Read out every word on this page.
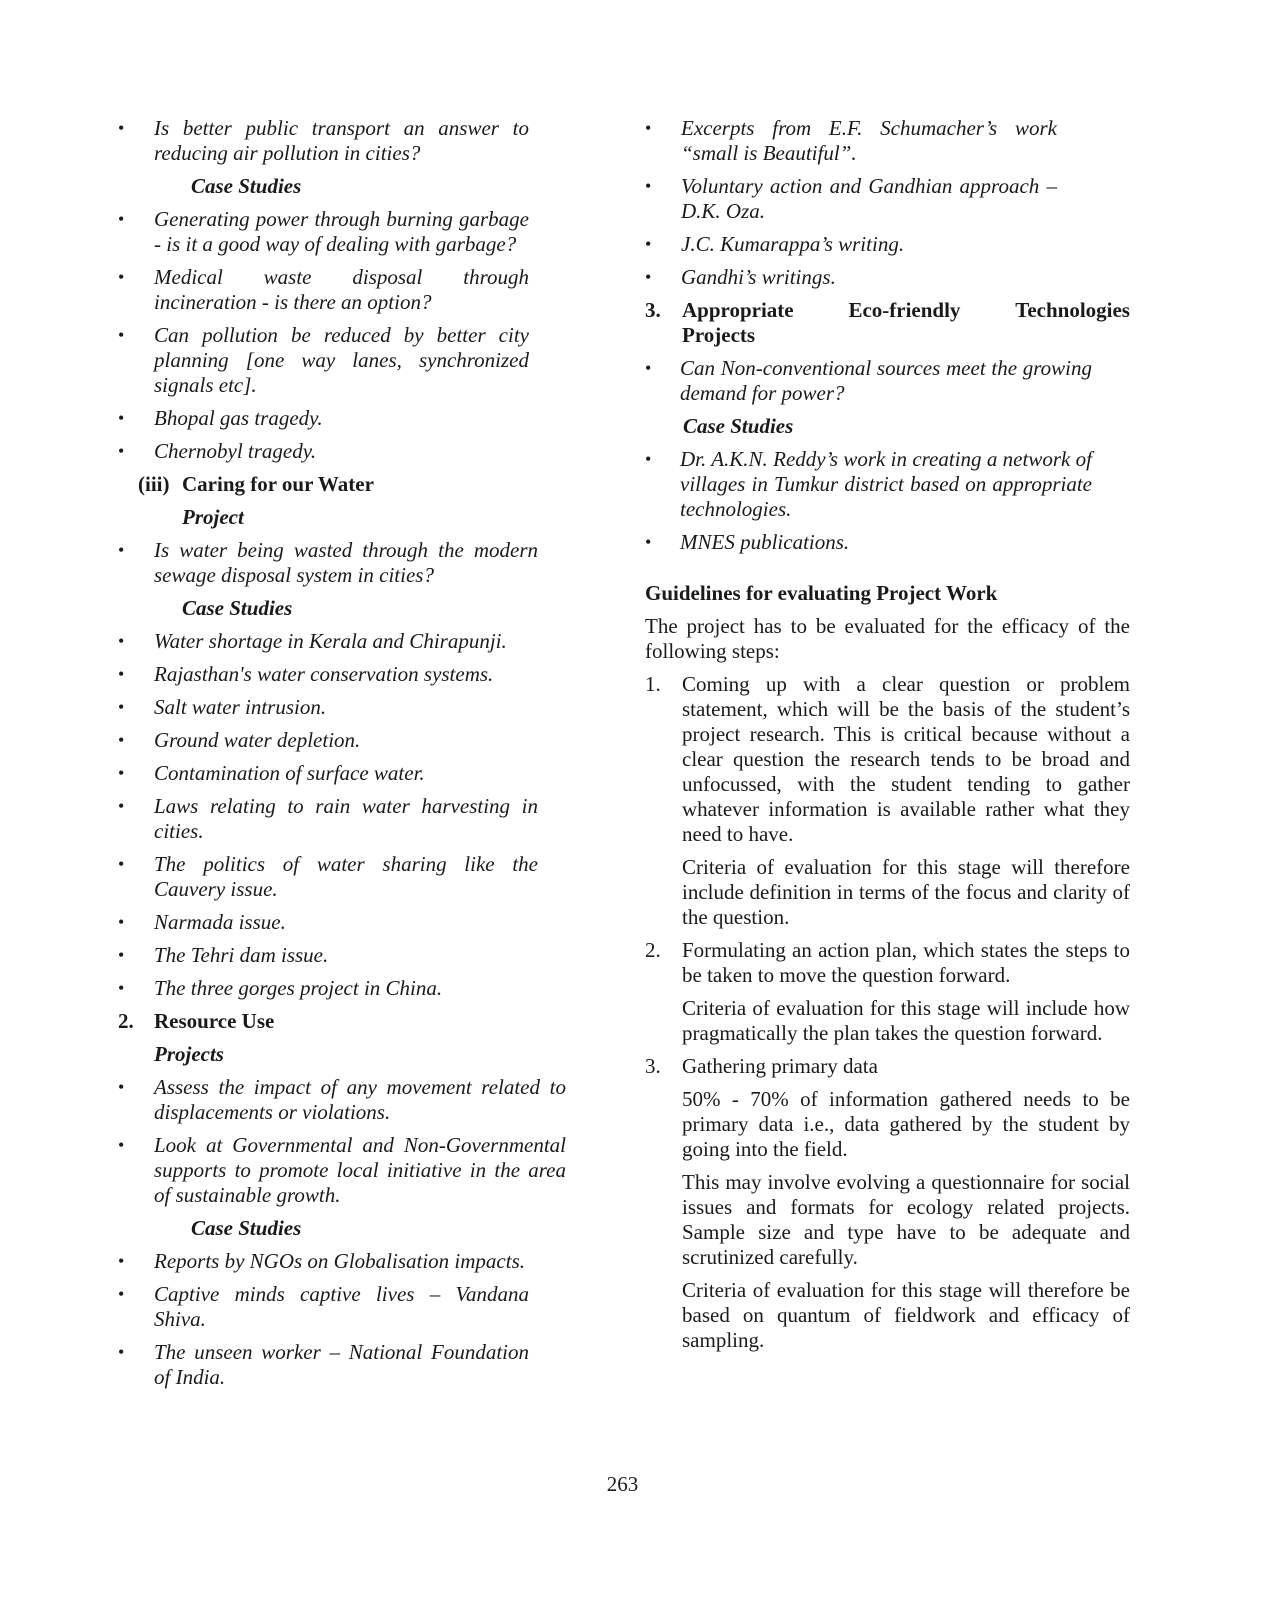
• Is better public transport an answer to reducing air pollution in cities?
Case Studies
• Generating power through burning garbage - is it a good way of dealing with garbage?
• Medical waste disposal through incineration - is there an option?
• Can pollution be reduced by better city planning [one way lanes, synchronized signals etc].
• Bhopal gas tragedy.
• Chernobyl tragedy.
(iii) Caring for our Water
Project
• Is water being wasted through the modern sewage disposal system in cities?
Case Studies
• Water shortage in Kerala and Chirapunji.
• Rajasthan's water conservation systems.
• Salt water intrusion.
• Ground water depletion.
• Contamination of surface water.
• Laws relating to rain water harvesting in cities.
• The politics of water sharing like the Cauvery issue.
• Narmada issue.
• The Tehri dam issue.
• The three gorges project in China.
2. Resource Use
Projects
• Assess the impact of any movement related to displacements or violations.
• Look at Governmental and Non-Governmental supports to promote local initiative in the area of sustainable growth.
Case Studies
• Reports by NGOs on Globalisation impacts.
• Captive minds captive lives – Vandana Shiva.
• The unseen worker – National Foundation of India.
• Excerpts from E.F. Schumacher’s work “small is Beautiful”.
• Voluntary action and Gandhian approach – D.K. Oza.
• J.C. Kumarappa’s writing.
• Gandhi’s writings.
3.	Appropriate	Eco-friendly	Technologies
Projects
• Can Non-conventional sources meet the growing demand for power?
Case Studies
• Dr. A.K.N. Reddy’s work in creating a network of villages in Tumkur district based on appropriate technologies.
• MNES publications.
Guidelines for evaluating Project Work
The project has to be evaluated for the efficacy of the following steps:
1.	Coming up with a clear question or problem statement, which will be the basis of the student’s project research. This is critical because without a clear question the research tends to be broad and unfocussed, with the student tending to gather whatever information is available rather what they need to have.
Criteria of evaluation for this stage will therefore include definition in terms of the focus and clarity of the question.
2.	Formulating an action plan, which states the steps to be taken to move the question forward.
Criteria of evaluation for this stage will include how pragmatically the plan takes the question forward.
3.	Gathering primary data
50% - 70% of information gathered needs to be primary data i.e., data gathered by the student by going into the field.
This may involve evolving a questionnaire for social issues and formats for ecology related projects. Sample size and type have to be adequate and scrutinized carefully.
Criteria of evaluation for this stage will therefore be based on quantum of fieldwork and efficacy of sampling.
263
